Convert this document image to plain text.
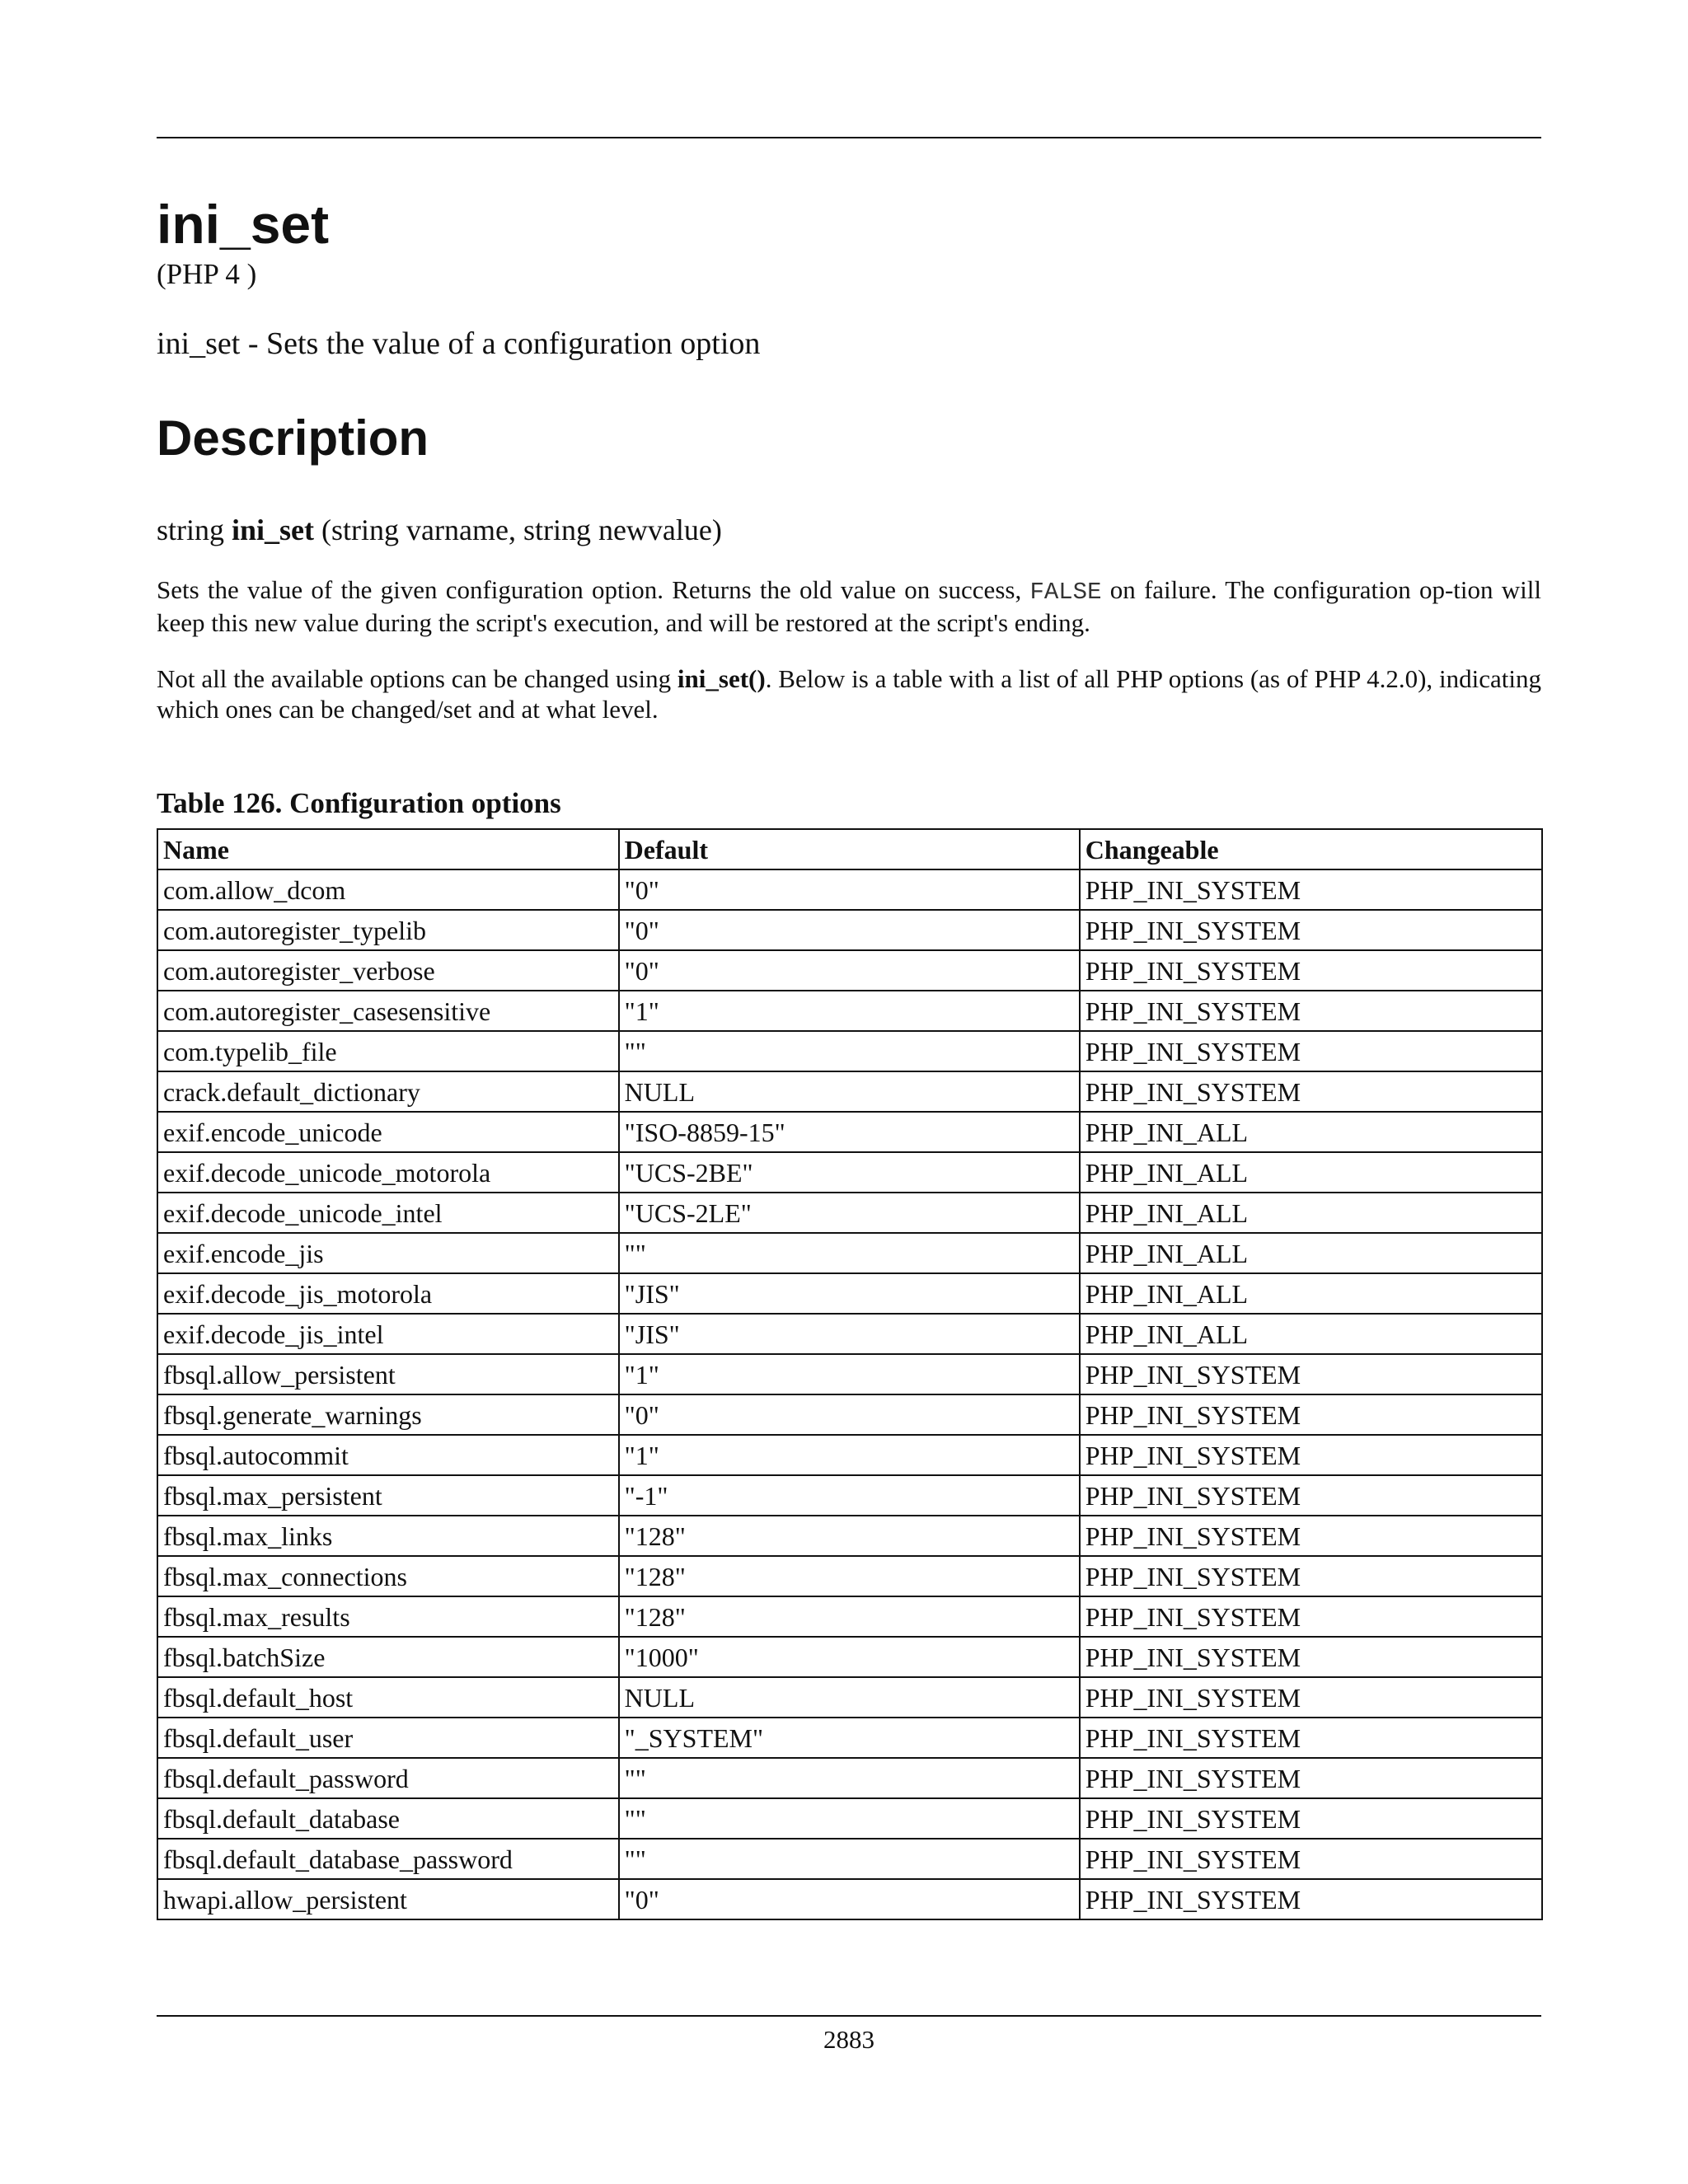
ini_set
(PHP 4 )
ini_set - Sets the value of a configuration option
Description
string ini_set (string varname, string newvalue)

Sets the value of the given configuration option. Returns the old value on success, FALSE on failure. The configuration op-tion will keep this new value during the script's execution, and will be restored at the script's ending.

Not all the available options can be changed using ini_set(). Below is a table with a list of all PHP options (as of PHP 4.2.0), indicating which ones can be changed/set and at what level.

Table 126. Configuration options
Name	Default	Changeable
com.allow_dcom	"0"	PHP_INI_SYSTEM
com.autoregister_typelib	"0"	PHP_INI_SYSTEM
com.autoregister_verbose	"0"	PHP_INI_SYSTEM
com.autoregister_casesensitive	"1"	PHP_INI_SYSTEM
com.typelib_file	""	PHP_INI_SYSTEM
crack.default_dictionary	NULL	PHP_INI_SYSTEM
exif.encode_unicode	"ISO-8859-15"	PHP_INI_ALL
exif.decode_unicode_motorola	"UCS-2BE"	PHP_INI_ALL
exif.decode_unicode_intel	"UCS-2LE"	PHP_INI_ALL
exif.encode_jis	""	PHP_INI_ALL
exif.decode_jis_motorola	"JIS"	PHP_INI_ALL
exif.decode_jis_intel	"JIS"	PHP_INI_ALL
fbsql.allow_persistent	"1"	PHP_INI_SYSTEM
fbsql.generate_warnings	"0"	PHP_INI_SYSTEM
fbsql.autocommit	"1"	PHP_INI_SYSTEM
fbsql.max_persistent	"-1"	PHP_INI_SYSTEM
fbsql.max_links	"128"	PHP_INI_SYSTEM
fbsql.max_connections	"128"	PHP_INI_SYSTEM
fbsql.max_results	"128"	PHP_INI_SYSTEM
fbsql.batchSize	"1000"	PHP_INI_SYSTEM
fbsql.default_host	NULL	PHP_INI_SYSTEM
fbsql.default_user	"_SYSTEM"	PHP_INI_SYSTEM
fbsql.default_password	""	PHP_INI_SYSTEM
fbsql.default_database	""	PHP_INI_SYSTEM
fbsql.default_database_password	""	PHP_INI_SYSTEM
hwapi.allow_persistent	"0"	PHP_INI_SYSTEM
2883
